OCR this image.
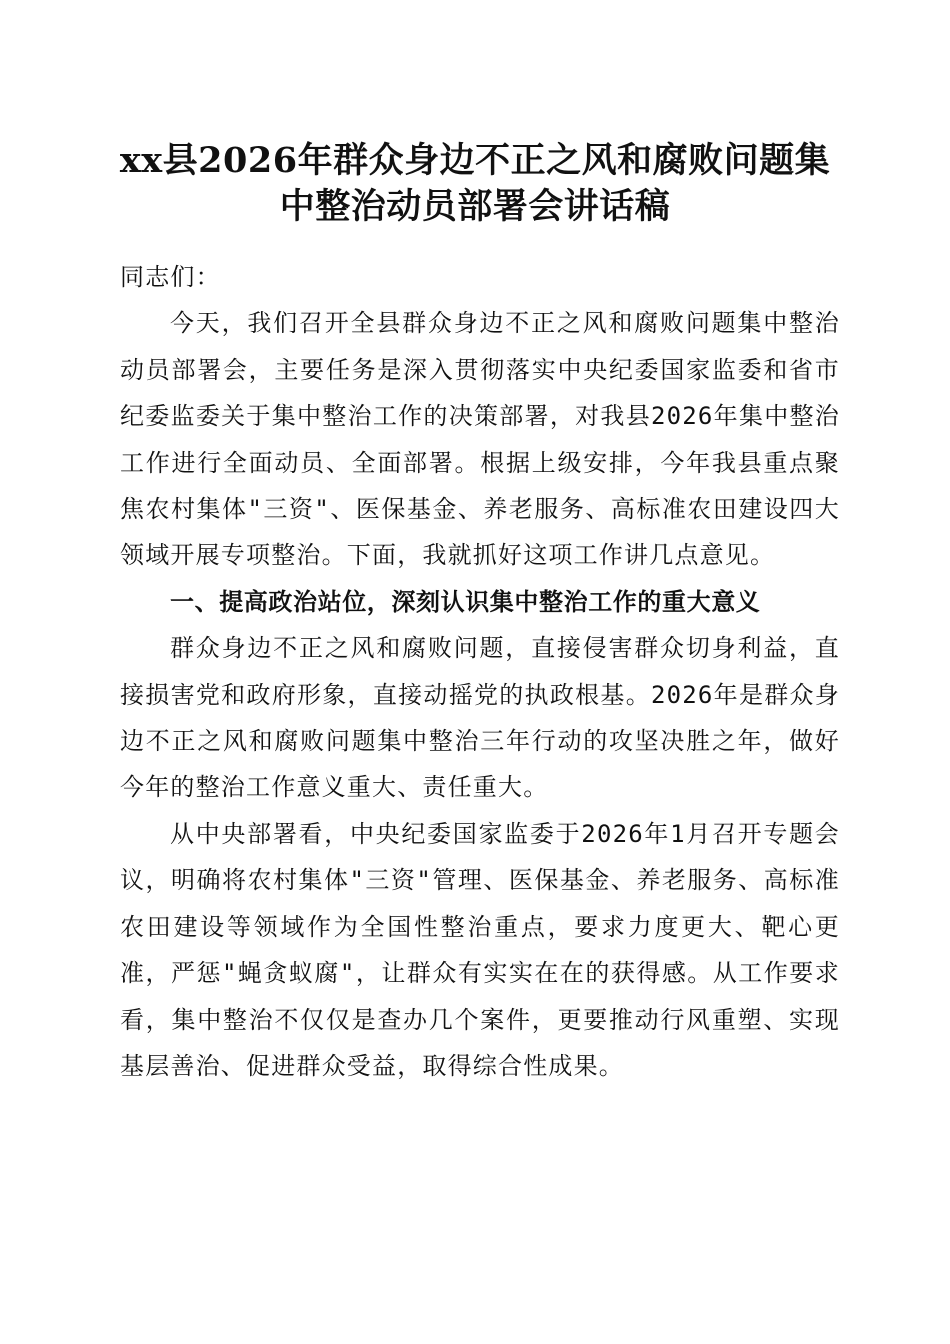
xx县2026年群众身边不正之风和腐败问题集
中整治动员部署会讲话稿

同志们：

今天，我们召开全县群众身边不正之风和腐败问题集中整治动员部署会，主要任务是深入贯彻落实中央纪委国家监委和省市纪委监委关于集中整治工作的决策部署，对我县2026年集中整治工作进行全面动员、全面部署。根据上级安排，今年我县重点聚焦农村集体"三资"、医保基金、养老服务、高标准农田建设四大领域开展专项整治。下面，我就抓好这项工作讲几点意见。

一、提高政治站位，深刻认识集中整治工作的重大意义

群众身边不正之风和腐败问题，直接侵害群众切身利益，直接损害党和政府形象，直接动摇党的执政根基。2026年是群众身边不正之风和腐败问题集中整治三年行动的攻坚决胜之年，做好今年的整治工作意义重大、责任重大。

从中央部署看，中央纪委国家监委于2026年1月召开专题会议，明确将农村集体"三资"管理、医保基金、养老服务、高标准农田建设等领域作为全国性整治重点，要求力度更大、靶心更准，严惩"蝇贪蚁腐"，让群众有实实在在的获得感。从工作要求看，集中整治不仅仅是查办几个案件，更要推动行风重塑、实现基层善治、促进群众受益，取得综合性成果。
